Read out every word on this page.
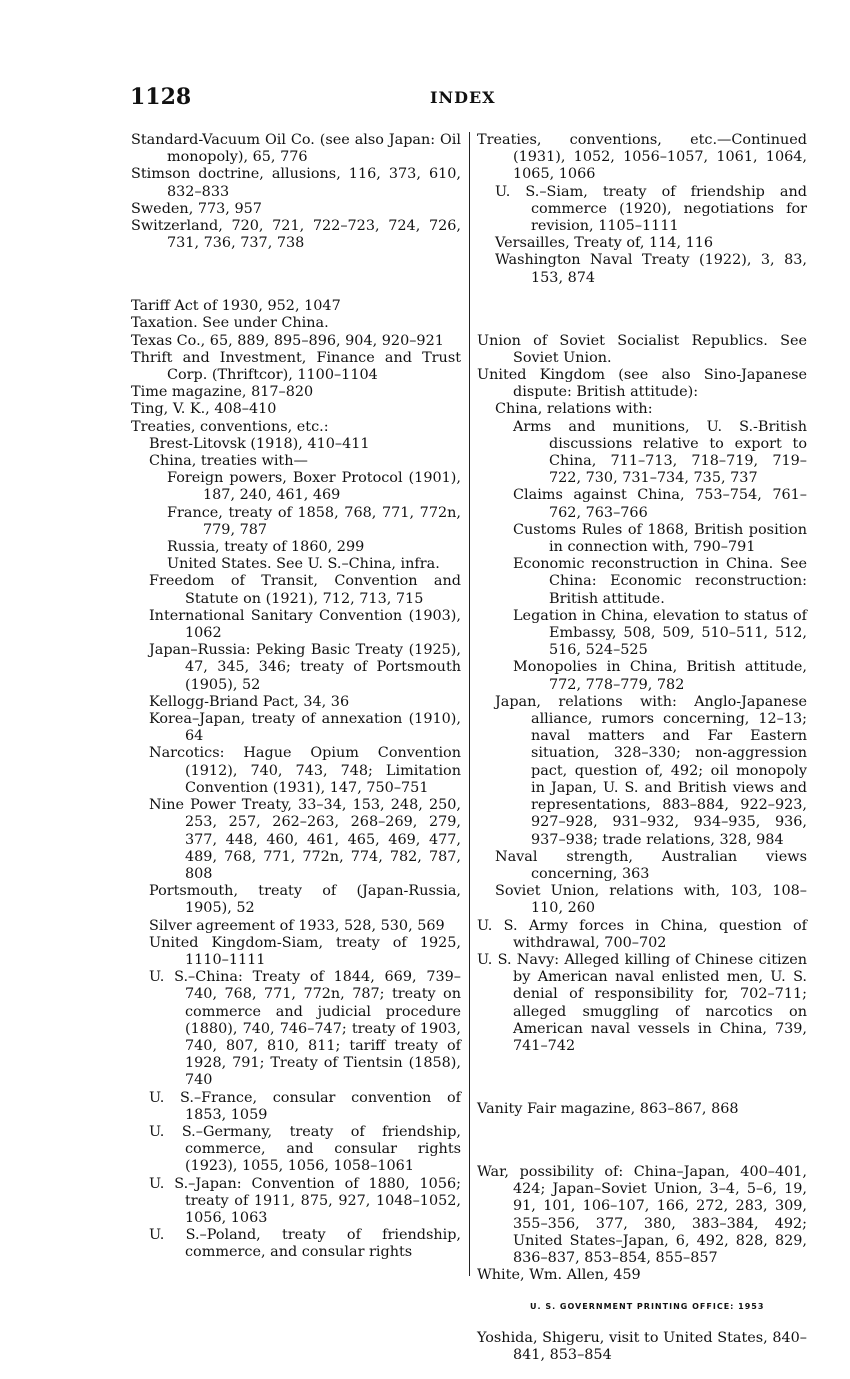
1128	INDEX

Standard-Vacuum Oil Co. (see also Japan: Oil monopoly), 65, 776

Stimson doctrine, allusions, 116, 373, 610, 832–833

Sweden, 773, 957

Switzerland, 720, 721, 722–723, 724, 726, 731, 736, 737, 738

Tariff Act of 1930, 952, 1047

Taxation. See under China.

Texas Co., 65, 889, 895–896, 904, 920–921

Thrift and Investment, Finance and Trust Corp. (Thriftcor), 1100–1104

Time magazine, 817–820

Ting, V. K., 408–410

Treaties, conventions, etc.:

Brest-Litovsk (1918), 410–411

China, treaties with—

Foreign powers, Boxer Protocol (1901), 187, 240, 461, 469

France, treaty of 1858, 768, 771, 772n, 779, 787

Russia, treaty of 1860, 299

United States. See U. S.–China, infra.

Freedom of Transit, Convention and Statute on (1921), 712, 713, 715

International Sanitary Convention (1903), 1062

Japan–Russia: Peking Basic Treaty (1925), 47, 345, 346; treaty of Portsmouth (1905), 52

Kellogg-Briand Pact, 34, 36

Korea–Japan, treaty of annexation (1910), 64

Narcotics: Hague Opium Convention (1912), 740, 743, 748; Limitation Convention (1931), 147, 750–751

Nine Power Treaty, 33–34, 153, 248, 250, 253, 257, 262–263, 268–269, 279, 377, 448, 460, 461, 465, 469, 477, 489, 768, 771, 772n, 774, 782, 787, 808

Portsmouth, treaty of (Japan-Russia, 1905), 52

Silver agreement of 1933, 528, 530, 569

United Kingdom-Siam, treaty of 1925, 1110–1111

U. S.–China: Treaty of 1844, 669, 739–740, 768, 771, 772n, 787; treaty on commerce and judicial procedure (1880), 740, 746–747; treaty of 1903, 740, 807, 810, 811; tariff treaty of 1928, 791; Treaty of Tientsin (1858), 740

U. S.–France, consular convention of 1853, 1059

U. S.–Germany, treaty of friendship, commerce, and consular rights (1923), 1055, 1056, 1058–1061

U. S.–Japan: Convention of 1880, 1056; treaty of 1911, 875, 927, 1048–1052, 1056, 1063

U. S.–Poland, treaty of friendship, commerce, and consular rights

Treaties, conventions, etc.—Continued (1931), 1052, 1056–1057, 1061, 1064, 1065, 1066

U. S.–Siam, treaty of friendship and commerce (1920), negotiations for revision, 1105–1111

Versailles, Treaty of, 114, 116

Washington Naval Treaty (1922), 3, 83, 153, 874

Union of Soviet Socialist Republics. See Soviet Union.

United Kingdom (see also Sino-Japanese dispute: British attitude):

China, relations with:

Arms and munitions, U. S.-British discussions relative to export to China, 711–713, 718–719, 719–722, 730, 731–734, 735, 737

Claims against China, 753–754, 761–762, 763–766

Customs Rules of 1868, British position in connection with, 790–791

Economic reconstruction in China. See China: Economic reconstruction: British attitude.

Legation in China, elevation to status of Embassy, 508, 509, 510–511, 512, 516, 524–525

Monopolies in China, British attitude, 772, 778–779, 782

Japan, relations with: Anglo-Japanese alliance, rumors concerning, 12–13; naval matters and Far Eastern situation, 328–330; non-aggression pact, question of, 492; oil monopoly in Japan, U. S. and British views and representations, 883–884, 922–923, 927–928, 931–932, 934–935, 936, 937–938; trade relations, 328, 984

Naval strength, Australian views concerning, 363

Soviet Union, relations with, 103, 108–110, 260

U. S. Army forces in China, question of withdrawal, 700–702

U. S. Navy: Alleged killing of Chinese citizen by American naval enlisted men, U. S. denial of responsibility for, 702–711; alleged smuggling of narcotics on American naval vessels in China, 739, 741–742

Vanity Fair magazine, 863–867, 868

War, possibility of: China–Japan, 400–401, 424; Japan–Soviet Union, 3–4, 5–6, 19, 91, 101, 106–107, 166, 272, 283, 309, 355–356, 377, 380, 383–384, 492; United States–Japan, 6, 492, 828, 829, 836–837, 853–854, 855–857

White, Wm. Allen, 459

Yoshida, Shigeru, visit to United States, 840–841, 853–854

U. S. GOVERNMENT PRINTING OFFICE: 1953
